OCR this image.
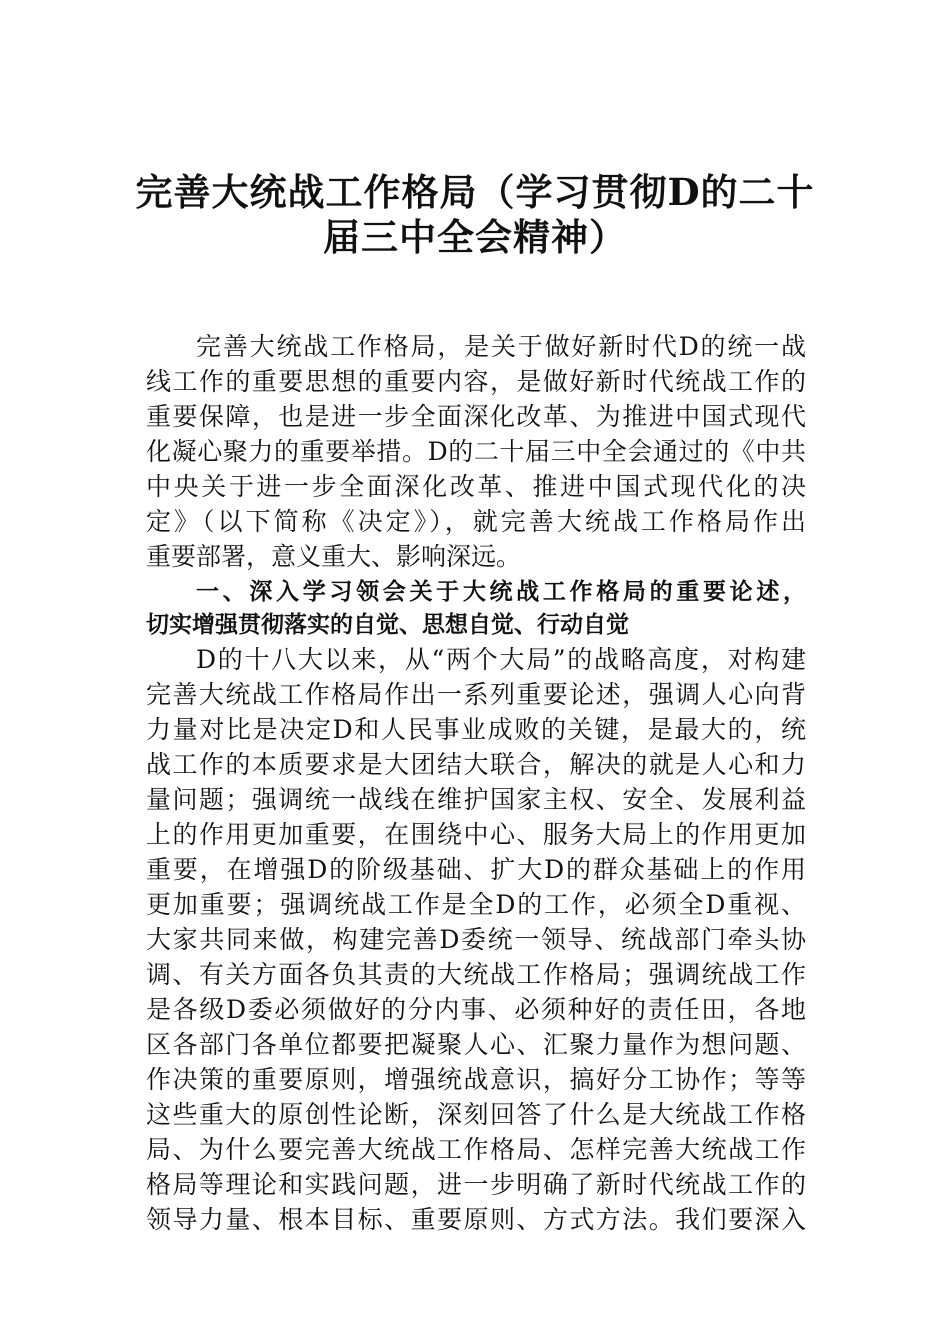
完善大统战工作格局（学习贯彻D的二十
届三中全会精神）
完善大统战工作格局，是关于做好新时代D的统一战
线工作的重要思想的重要内容，是做好新时代统战工作的
重要保障，也是进一步全面深化改革、为推进中国式现代
化凝心聚力的重要举措。D的二十届三中全会通过的《中共
中央关于进一步全面深化改革、推进中国式现代化的决
定》（以下简称《决定》），就完善大统战工作格局作出
重要部署，意义重大、影响深远。
一、深入学习领会关于大统战工作格局的重要论述，
切实增强贯彻落实的自觉、思想自觉、行动自觉
D的十八大以来，从“两个大局”的战略高度，对构建
完善大统战工作格局作出一系列重要论述，强调人心向背
力量对比是决定D和人民事业成败的关键，是最大的，统
战工作的本质要求是大团结大联合，解决的就是人心和力
量问题；强调统一战线在维护国家主权、安全、发展利益
上的作用更加重要，在围绕中心、服务大局上的作用更加
重要，在增强D的阶级基础、扩大D的群众基础上的作用
更加重要；强调统战工作是全D的工作，必须全D重视、
大家共同来做，构建完善D委统一领导、统战部门牵头协
调、有关方面各负其责的大统战工作格局；强调统战工作
是各级D委必须做好的分内事、必须种好的责任田，各地
区各部门各单位都要把凝聚人心、汇聚力量作为想问题、
作决策的重要原则，增强统战意识，搞好分工协作；等等
这些重大的原创性论断，深刻回答了什么是大统战工作格
局、为什么要完善大统战工作格局、怎样完善大统战工作
格局等理论和实践问题，进一步明确了新时代统战工作的
领导力量、根本目标、重要原则、方式方法。我们要深入
